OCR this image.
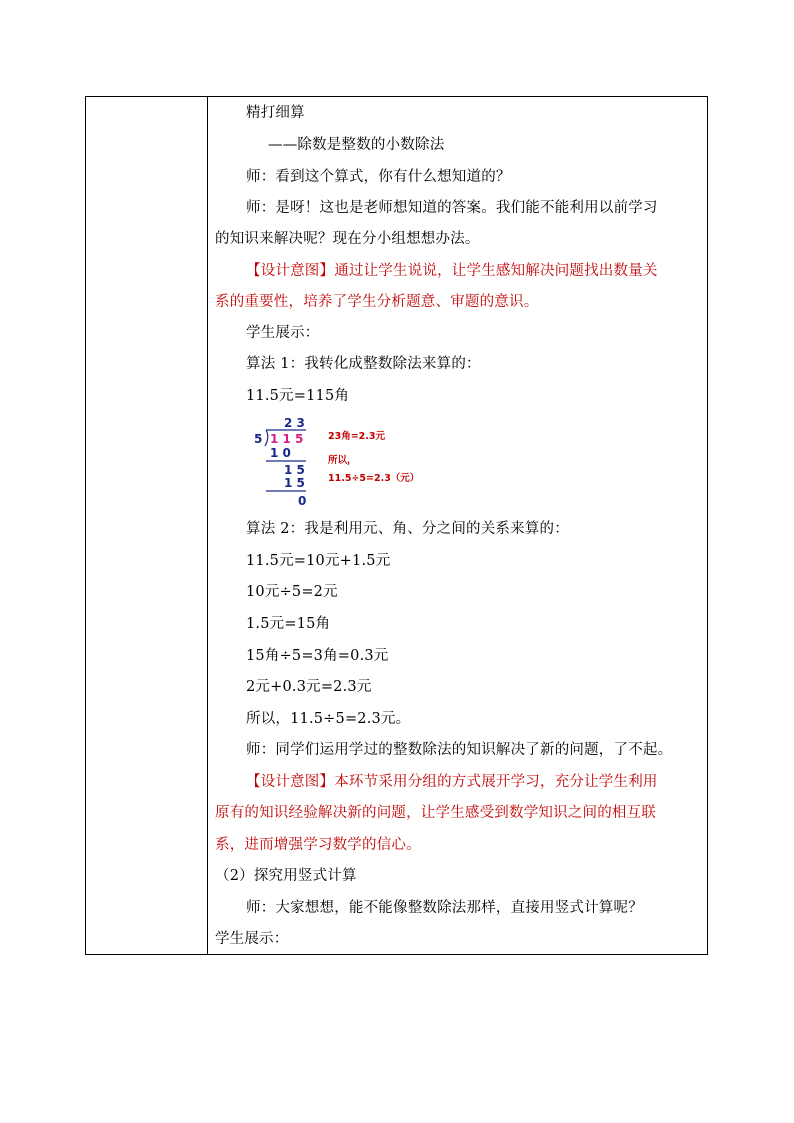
精打细算
——除数是整数的小数除法
师：看到这个算式，你有什么想知道的？
师：是呀！这也是老师想知道的答案。我们能不能利用以前学习
的知识来解决呢？现在分小组想想办法。
【设计意图】通过让学生说说，让学生感知解决问题找出数量关
系的重要性，培养了学生分析题意、审题的意识。
学生展示：
算法 1：我转化成整数除法来算的：
11.5元=115角
2 3
5 1 1 5
1 0
1 5
1 5
0
23角=2.3元
所以，
11.5÷5=2.3（元）
算法 2：我是利用元、角、分之间的关系来算的：
11.5元=10元+1.5元
10元÷5=2元
1.5元=15角
15角÷5=3角=0.3元
2元+0.3元=2.3元
所以，11.5÷5=2.3元。
师：同学们运用学过的整数除法的知识解决了新的问题，了不起。
【设计意图】本环节采用分组的方式展开学习，充分让学生利用
原有的知识经验解决新的问题，让学生感受到数学知识之间的相互联
系，进而增强学习数学的信心。
（2）探究用竖式计算
师：大家想想，能不能像整数除法那样，直接用竖式计算呢？
学生展示：
